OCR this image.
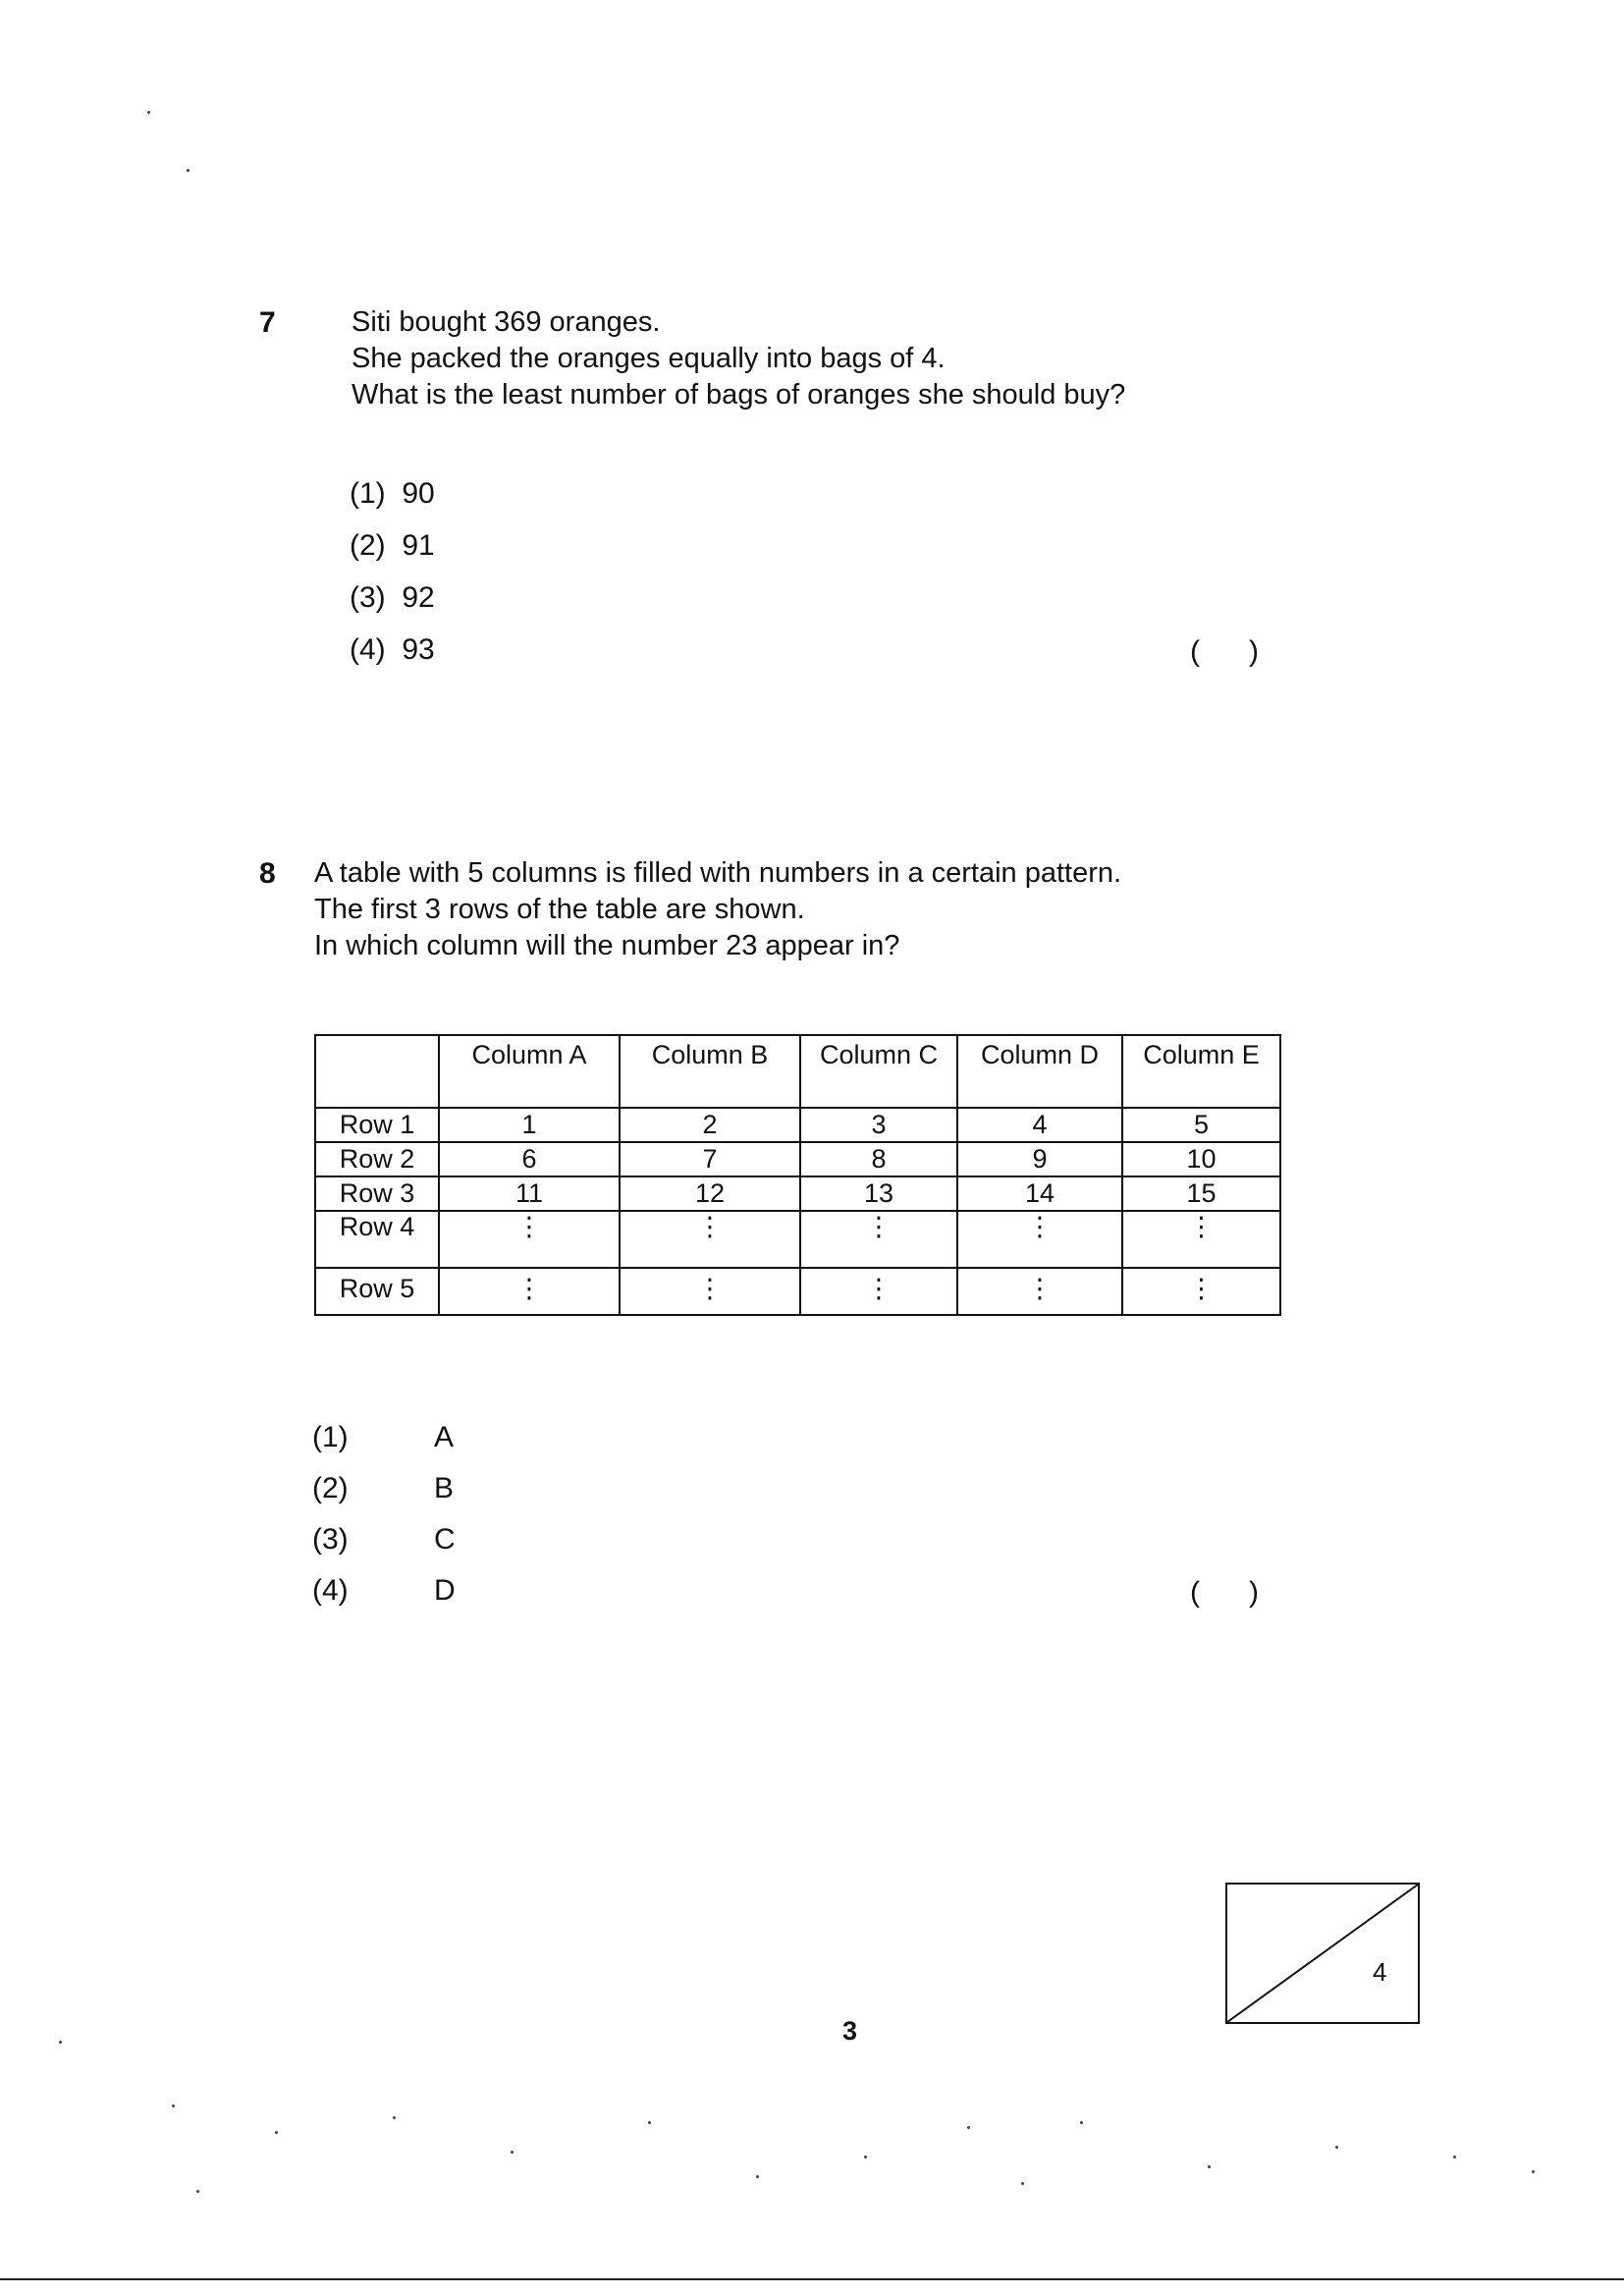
7	Siti bought 369 oranges.
She packed the oranges equally into bags of 4.
What is the least number of bags of oranges she should buy?
(1) 90
(2) 91
(3) 92
(4) 93	(      )
8 A table with 5 columns is filled with numbers in a certain pattern.
The first 3 rows of the table are shown.
In which column will the number 23 appear in?
	Column A	Column B	Column C	Column D	Column E
Row 1	1	2	3	4	5
Row 2	6	7	8	9	10
Row 3	11	12	13	14	15
Row 4	⋮	⋮	⋮	⋮	⋮
Row 5	⋮	⋮	⋮	⋮	⋮
(1)	A
(2)	B
(3)	C
(4)	D	(      )
4
3
